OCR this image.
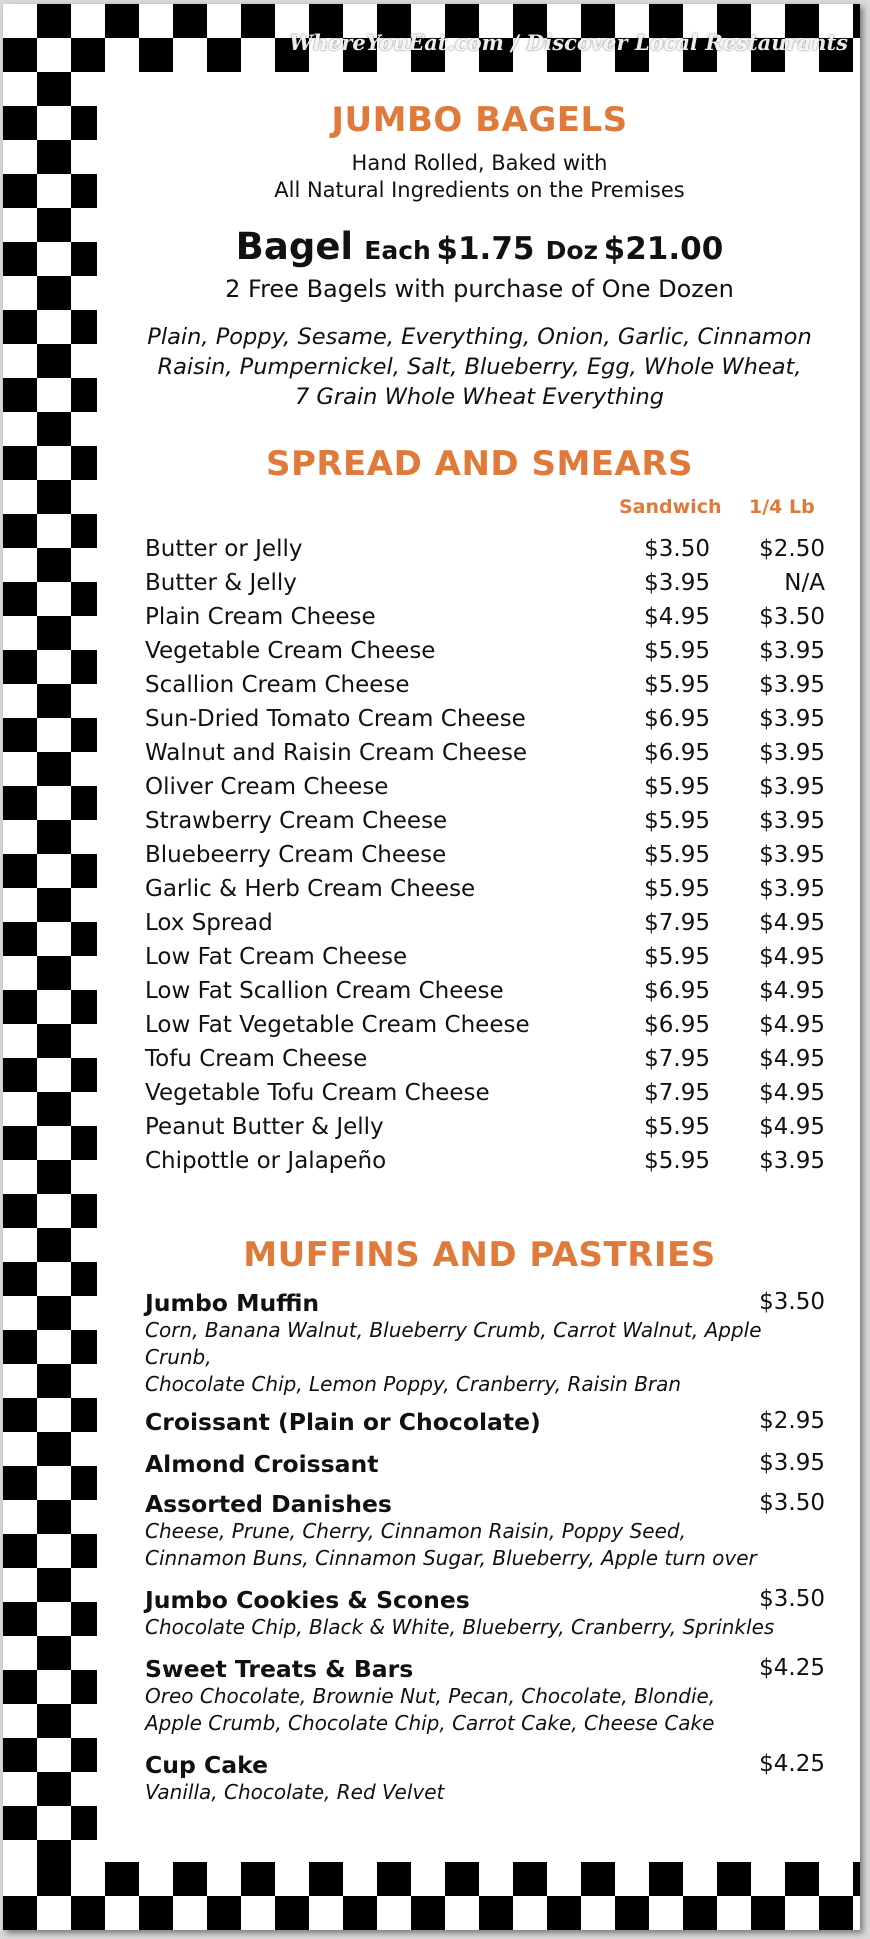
WhereYouEat.com / Discover Local Restaurants
JUMBO BAGELS
Hand Rolled, Baked with
All Natural Ingredients on the Premises
Bagel Each $1.75 Doz $21.00
2 Free Bagels with purchase of One Dozen
Plain, Poppy, Sesame, Everything, Onion, Garlic, Cinnamon
Raisin, Pumpernickel, Salt, Blueberry, Egg, Whole Wheat,
7 Grain Whole Wheat Everything
SPREAD AND SMEARS
Sandwich 1/4 Lb
Butter or Jelly	$3.50 $2.50
Butter & Jelly	$3.95	N/A
Plain Cream Cheese	$4.95 $3.50
Vegetable Cream Cheese	$5.95 $3.95
Scallion Cream Cheese	$5.95 $3.95
Sun-Dried Tomato Cream Cheese	$6.95 $3.95
Walnut and Raisin Cream Cheese	$6.95 $3.95
Oliver Cream Cheese	$5.95 $3.95
Strawberry Cream Cheese	$5.95 $3.95
Bluebeerry Cream Cheese	$5.95 $3.95
Garlic & Herb Cream Cheese	$5.95 $3.95
Lox Spread	$7.95 $4.95
Low Fat Cream Cheese	$5.95 $4.95
Low Fat Scallion Cream Cheese	$6.95 $4.95
Low Fat Vegetable Cream Cheese	$6.95 $4.95
Tofu Cream Cheese	$7.95 $4.95
Vegetable Tofu Cream Cheese	$7.95 $4.95
Peanut Butter & Jelly	$5.95 $4.95
Chipottle or Jalapeño	$5.95 $3.95
MUFFINS AND PASTRIES
Jumbo Muffin	$3.50
Corn, Banana Walnut, Blueberry Crumb, Carrot Walnut, Apple Crunb,
Chocolate Chip, Lemon Poppy, Cranberry, Raisin Bran
Croissant (Plain or Chocolate)	$2.95
Almond Croissant	$3.95
Assorted Danishes	$3.50
Cheese, Prune, Cherry, Cinnamon Raisin, Poppy Seed,
Cinnamon Buns, Cinnamon Sugar, Blueberry, Apple turn over
Jumbo Cookies & Scones	$3.50
Chocolate Chip, Black & White, Blueberry, Cranberry, Sprinkles
Sweet Treats & Bars	$4.25
Oreo Chocolate, Brownie Nut, Pecan, Chocolate, Blondie,
Apple Crumb, Chocolate Chip, Carrot Cake, Cheese Cake
Cup Cake	$4.25
Vanilla, Chocolate, Red Velvet
